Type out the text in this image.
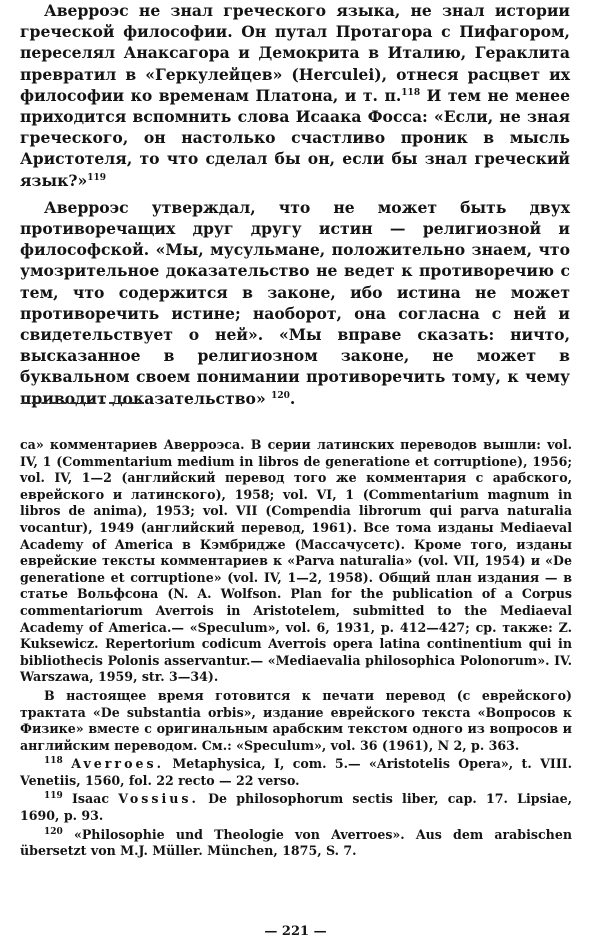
Аверроэс не знал греческого языка, не знал истории греческой философии. Он путал Протагора с Пифагором, переселял Анаксагора и Демокрита в Италию, Гераклита превратил в «Геркулейцев» (Herculei), отнеся расцвет их философии ко временам Платона, и т. п.$^{118}$ И тем не менее приходится вспомнить слова Исаака Фосса: «Если, не зная греческого, он настолько счастливо проник в мысль Аристотеля, то что сделал бы он, если бы знал греческий язык?»$^{119}$

Аверроэс утверждал, что не может быть двух противоречащих друг другу истин — религиозной и философской. «Мы, мусульмане, положительно знаем, что умозрительное доказательство не ведет к противоречию с тем, что содержится в законе, ибо истина не может противоречить истине; наоборот, она согласна с ней и свидетельствует о ней». «Мы вправе сказать: ничто, высказанное в религиозном законе, не может в буквальном своем понимании противоречить тому, к чему приводит доказательство» $^{120}$.

са» комментариев Аверроэса. В серии латинских переводов вышли: vol. IV, 1 (Commentarium medium in libros de generatione et corruptione), 1956; vol. IV, 1—2 (английский перевод того же комментария с арабского, еврейского и латинского), 1958; vol. VI, 1 (Commentarium magnum in libros de anima), 1953; vol. VII (Compendia librorum qui parva naturalia vocantur), 1949 (английский перевод, 1961). Все тома изданы Mediaeval Academy of America в Кэмбридже (Массачусетс). Кроме того, изданы еврейские тексты комментариев к «Parva naturalia» (vol. VII, 1954) и «De generatione et corruptione» (vol. IV, 1—2, 1958). Общий план издания — в статье Вольфсона (N. A. Wolfson. Plan for the publication of a Corpus commentariorum Averrois in Aristotelem, submitted to the Mediaeval Academy of America.— «Speculum», vol. 6, 1931, p. 412—427; ср. также: Z. Kuksewicz. Repertorium codicum Averrois opera latina continentium qui in bibliothecis Polonis asservantur.— «Mediaevalia philosophica Polonorum». IV. Warszawa, 1959, str. 3—34).

В настоящее время готовится к печати перевод (с еврейского) трактата «De substantia orbis», издание еврейского текста «Вопросов к Физике» вместе с оригинальным арабским текстом одного из вопросов и английским переводом. См.: «Speculum», vol. 36 (1961), N 2, p. 363.

$^{118}$ Averroes. Metaphysica, I, com. 5.— «Aristotelis Opera», t. VIII. Venetiis, 1560, fol. 22 recto — 22 verso.

$^{119}$ Isaac Vossius. De philosophorum sectis liber, cap. 17. Lipsiae, 1690, p. 93.

$^{120}$ «Philosophie und Theologie von Averroes». Aus dem arabischen übersetzt von M.J. Müller. München, 1875, S. 7.

— 221 —
